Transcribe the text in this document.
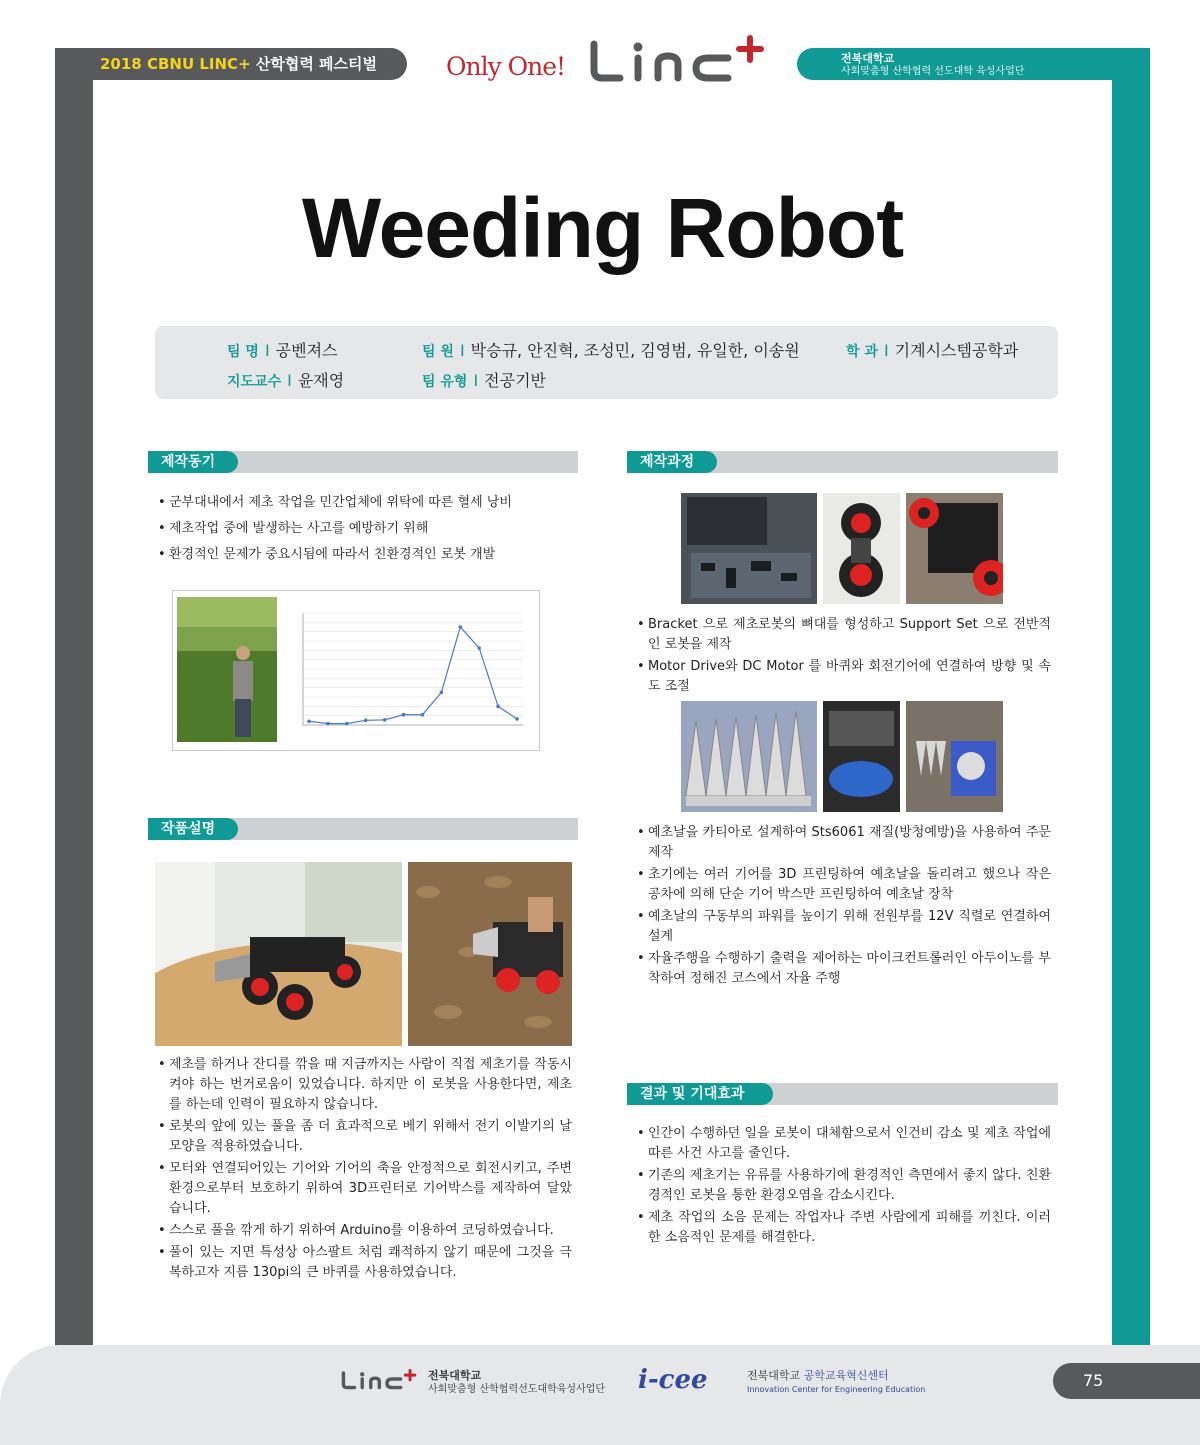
2018 CBNU LINC+ 산학협력 페스티벌	Only One!	전북대학교
사회맞춤형 산학협력 선도대학 육성사업단
Weeding Robot
팀 명 I 공벤져스	팀 원 I 박승규, 안진혁, 조성민, 김영범, 유일한, 이송원	학 과 I 기계시스템공학과
지도교수 I 윤재영	팀 유형 I 전공기반
제작동기
• 군부대내에서 제초 작업을 민간업체에 위탁에 따른 혈세 낭비
• 제초작업 중에 발생하는 사고를 예방하기 위해
• 환경적인 문제가 중요시됨에 따라서 친환경적인 로봇 개발
작품설명
• 제초를 하거나 잔디를 깎을 때 지금까지는 사람이 직접 제초기를 작동시켜야 하는 번거로움이 있었습니다. 하지만 이 로봇을 사용한다면, 제초를 하는데 인력이 필요하지 않습니다.
• 로봇의 앞에 있는 풀을 좀 더 효과적으로 베기 위해서 전기 이발기의 날 모양을 적용하였습니다.
• 모터와 연결되어있는 기어와 기어의 축을 안정적으로 회전시키고, 주변 환경으로부터 보호하기 위하여 3D프린터로 기어박스를 제작하여 달았습니다.
• 스스로 풀을 깎게 하기 위하여 Arduino를 이용하여 코딩하였습니다.
• 풀이 있는 지면 특성상 아스팔트 처럼 쾌적하지 않기 때문에 그것을 극복하고자 지름 130pi의 큰 바퀴를 사용하였습니다.
제작과정
• Bracket 으로 제초로봇의 뼈대를 형성하고 Support Set 으로 전반적인 로봇을 제작
• Motor Drive와 DC Motor 를 바퀴와 회전기어에 연결하여 방향 및 속도 조절
• 예초날을 카티아로 설계하여 Sts6061 재질(방청예방)을 사용하여 주문 제작
• 초기에는 여러 기어를 3D 프린팅하여 예초날을 돌리려고 했으나 작은 공차에 의해 단순 기어 박스만 프린팅하여 예초날 장착
• 예초날의 구동부의 파워를 높이기 위해 전원부를 12V 직렬로 연결하여 설계
• 자율주행을 수행하기 출력을 제어하는 마이크컨트롤러인 아두이노를 부착하여 정해진 코스에서 자율 주행
결과 및 기대효과
• 인간이 수행하던 일을 로봇이 대체함으로서 인건비 감소 및 제초 작업에 따른 사건 사고를 줄인다.
• 기존의 제초기는 유류를 사용하기에 환경적인 측면에서 좋지 않다. 친환경적인 로봇을 통한 환경오염을 감소시킨다.
• 제초 작업의 소음 문제는 작업자나 주변 사람에게 피해를 끼친다. 이러한 소음적인 문제를 해결한다.
전북대학교
사회맞춤형 산학협력선도대학육성사업단 i-cee	전북대학교 공학교육혁신센터
Innovation Center for Engineering Education	75
